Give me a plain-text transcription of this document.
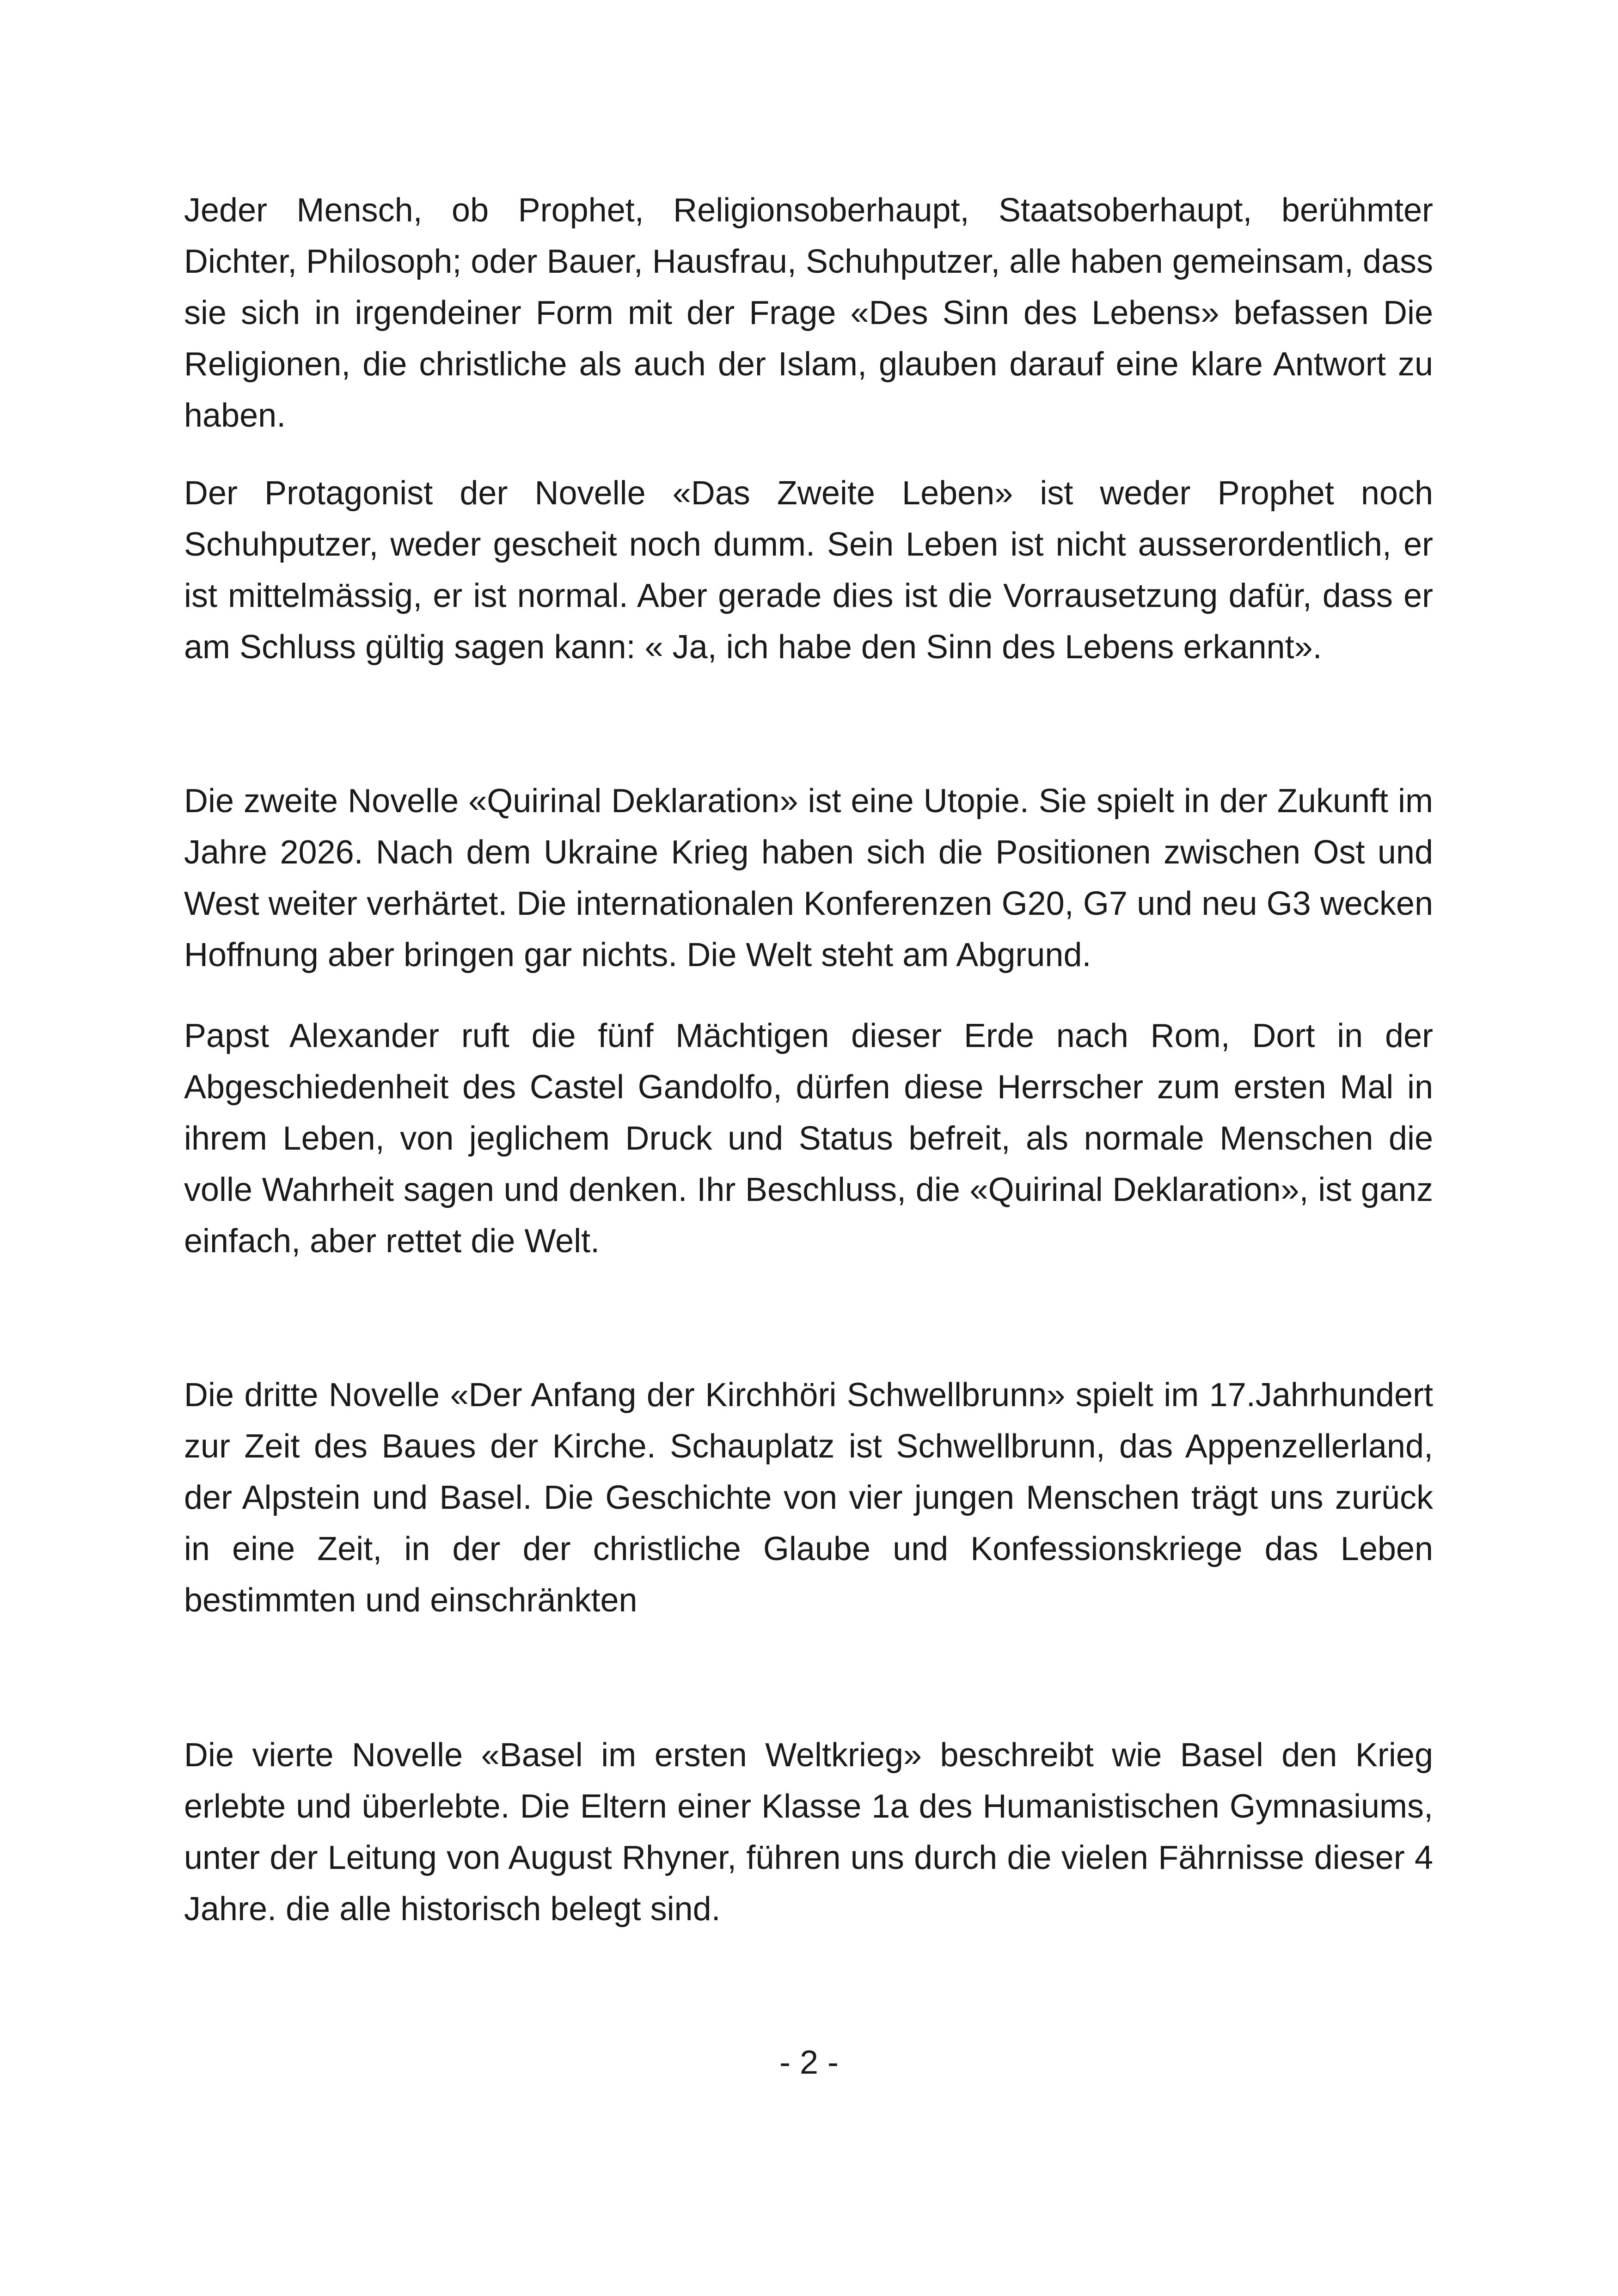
Jeder Mensch, ob Prophet, Religionsoberhaupt, Staatsoberhaupt, berühmter Dichter, Philosoph; oder Bauer, Hausfrau, Schuhputzer, alle haben gemeinsam, dass sie sich in irgendeiner Form mit der Frage «Des Sinn des Lebens» befassen Die Religionen, die christliche als auch der Islam, glauben darauf eine klare Antwort zu haben.

Der Protagonist der Novelle «Das Zweite Leben» ist weder Prophet noch Schuhputzer, weder gescheit noch dumm. Sein Leben ist nicht ausserordentlich, er ist mittelmässig, er ist normal. Aber gerade dies ist die Vorrausetzung dafür, dass er am Schluss gültig sagen kann: « Ja, ich habe den Sinn des Lebens erkannt».

Die zweite Novelle «Quirinal Deklaration» ist eine Utopie. Sie spielt in der Zukunft im Jahre 2026. Nach dem Ukraine Krieg haben sich die Positionen zwischen Ost und West weiter verhärtet. Die internationalen Konferenzen G20, G7 und neu G3 wecken Hoffnung aber bringen gar nichts. Die Welt steht am Abgrund.

Papst Alexander ruft die fünf Mächtigen dieser Erde nach Rom, Dort in der Abgeschiedenheit des Castel Gandolfo, dürfen diese Herrscher zum ersten Mal in ihrem Leben, von jeglichem Druck und Status befreit, als normale Menschen die volle Wahrheit sagen und denken. Ihr Beschluss, die «Quirinal Deklaration», ist ganz einfach, aber rettet die Welt.

Die dritte Novelle «Der Anfang der Kirchhöri Schwellbrunn» spielt im 17.Jahrhundert zur Zeit des Baues der Kirche. Schauplatz ist Schwellbrunn, das Appenzellerland, der Alpstein und Basel. Die Geschichte von vier jungen Menschen trägt uns zurück in eine Zeit, in der der christliche Glaube und Konfessionskriege das Leben bestimmten und einschränkten

Die vierte Novelle «Basel im ersten Weltkrieg» beschreibt wie Basel den Krieg erlebte und überlebte. Die Eltern einer Klasse 1a des Humanistischen Gymnasiums, unter der Leitung von August Rhyner, führen uns durch die vielen Fährnisse dieser 4 Jahre. die alle historisch belegt sind.

- 2 -
